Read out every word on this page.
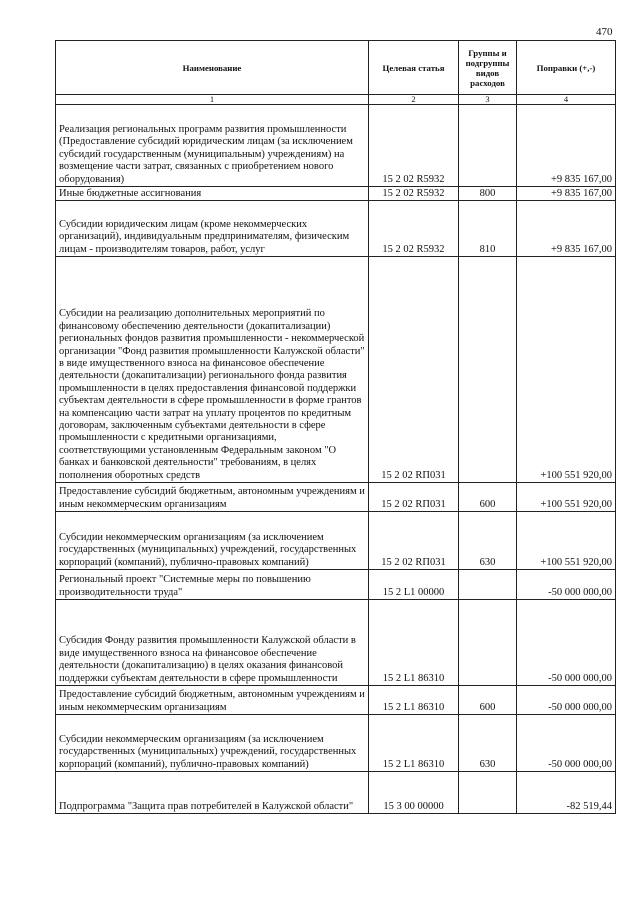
470
Наименование	Целевая статья	Группы и подгруппы видов расходов	Поправки (+,-)
1	2	3	4
Реализация региональных программ развития промышленности (Предоставление субсидий юридическим лицам (за исключением субсидий государственным (муниципальным) учреждениям) на возмещение части затрат, связанных с приобретением нового оборудования)	15 2 02 R5932		+9 835 167,00
Иные бюджетные ассигнования	15 2 02 R5932	800	+9 835 167,00
Субсидии юридическим лицам (кроме некоммерческих организаций), индивидуальным предпринимателям, физическим лицам - производителям товаров, работ, услуг	15 2 02 R5932	810	+9 835 167,00
Субсидии на реализацию дополнительных мероприятий по финансовому обеспечению деятельности (докапитализации) региональных фондов развития промышленности - некоммерческой организации "Фонд развития промышленности Калужской области" в виде имущественного взноса на финансовое обеспечение деятельности (докапитализации) регионального фонда развития промышленности в целях предоставления финансовой поддержки субъектам деятельности в сфере промышленности в форме грантов на компенсацию части затрат на уплату процентов по кредитным договорам, заключенным субъектами деятельности в сфере промышленности с кредитными организациями, соответствующими установленным Федеральным законом "О банках и банковской деятельности" требованиям, в целях пополнения оборотных средств	15 2 02 RП031		+100 551 920,00
Предоставление субсидий бюджетным, автономным учреждениям и иным некоммерческим организациям	15 2 02 RП031	600	+100 551 920,00
Субсидии некоммерческим организациям (за исключением государственных (муниципальных) учреждений, государственных корпораций (компаний), публично-правовых компаний)	15 2 02 RП031	630	+100 551 920,00
Региональный проект "Системные меры по повышению производительности труда"	15 2 L1 00000		-50 000 000,00
Субсидия Фонду развития промышленности Калужской области в виде имущественного взноса на финансовое обеспечение деятельности (докапитализацию) в целях оказания финансовой поддержки субъектам деятельности в сфере промышленности	15 2 L1 86310		-50 000 000,00
Предоставление субсидий бюджетным, автономным учреждениям и иным некоммерческим организациям	15 2 L1 86310	600	-50 000 000,00
Субсидии некоммерческим организациям (за исключением государственных (муниципальных) учреждений, государственных корпораций (компаний), публично-правовых компаний)	15 2 L1 86310	630	-50 000 000,00
Подпрограмма "Защита прав потребителей в Калужской области"	15 3 00 00000		-82 519,44
